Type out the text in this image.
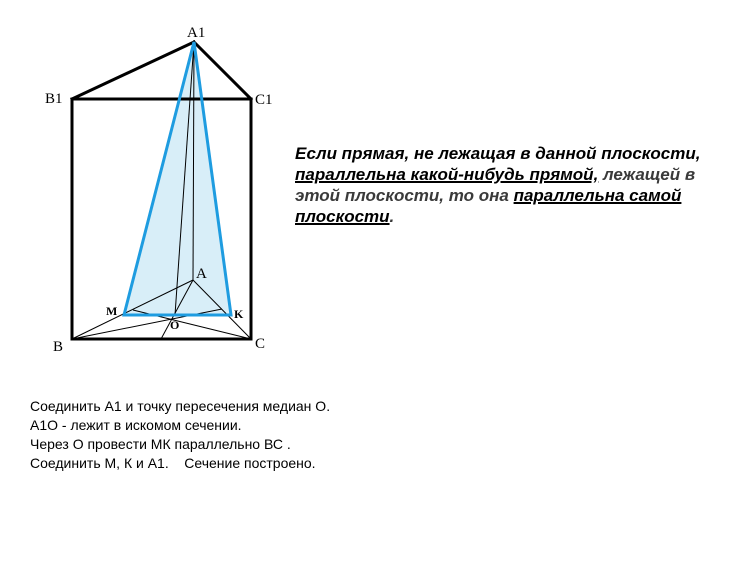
A1
B1	C1
A
B	C
M	K
O
Если прямая, не лежащая в данной плоскости, параллельна какой-нибудь прямой, лежащей в этой плоскости, то она параллельна самой плоскости.
Соединить А1 и точку пересечения медиан О.
А1О - лежит в искомом сечении.
Через О провести МК параллельно ВС .
Соединить М, К и А1.    Сечение построено.
